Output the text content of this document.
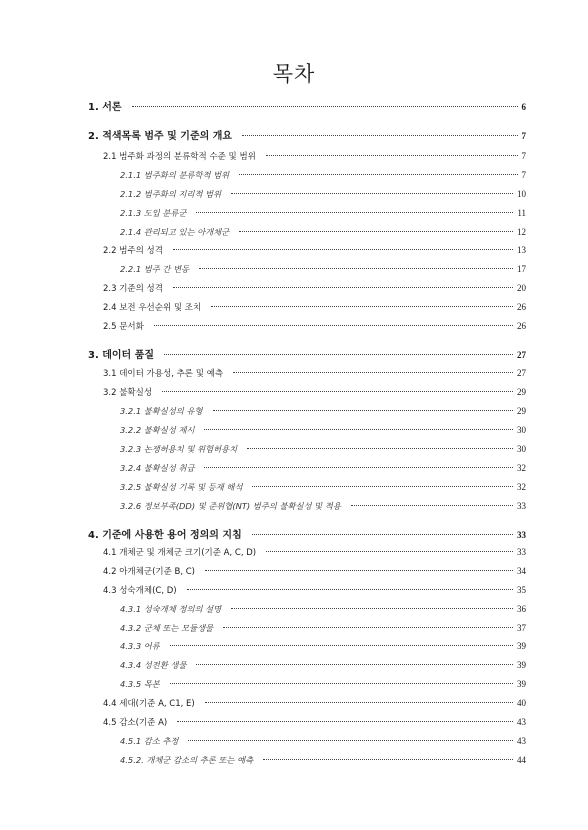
목차
1. 서론	6
2. 적색목록 범주 및 기준의 개요	7
2.1 범주화 과정의 분류학적 수준 및 범위	7
2.1.1 범주화의 분류학적 범위	7
2.1.2 범주화의 지리적 범위	10
2.1.3 도입 분류군	11
2.1.4 관리되고 있는 아개체군	12
2.2 범주의 성격	13
2.2.1 범주 간 변동	17
2.3 기준의 성격	20
2.4 보전 우선순위 및 조치	26
2.5 문서화	26
3. 데이터 품질	27
3.1 데이터 가용성, 추론 및 예측	27
3.2 불확실성	29
3.2.1 불확실성의 유형	29
3.2.2 불확실성 제시	30
3.2.3 논쟁허용치 및 위험허용치	30
3.2.4 불확실성 취급	32
3.2.5 불확실성 기록 및 등재 해석	32
3.2.6 정보부족(DD) 및 준위협(NT) 범주의 불확실성 및 적용	33
4. 기준에 사용한 용어 정의의 지침	33
4.1 개체군 및 개체군 크기(기준 A, C, D)	33
4.2 아개체군(기준 B, C)	34
4.3 성숙개체(C, D)	35
4.3.1 성숙개체 정의의 설명	36
4.3.2 군체 또는 모듈생물	37
4.3.3 어류	39
4.3.4 성전환 생물	39
4.3.5 목본	39
4.4 세대(기준 A, C1, E)	40
4.5 감소(기준 A)	43
4.5.1 감소 추정	43
4.5.2. 개체군 감소의 추론 또는 예측	44
